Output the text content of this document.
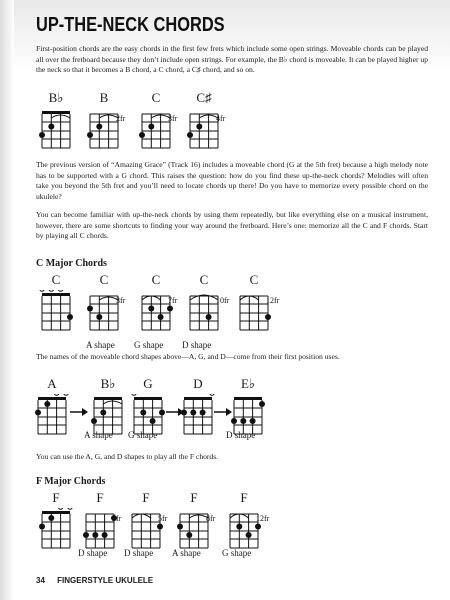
UP-THE-NECK CHORDS

First-position chords are the easy chords in the first few frets which include some open strings. Moveable chords can be played all over the fretboard because they don’t include open strings. For example, the B♭ chord is moveable. It can be played higher up the neck so that it becomes a B chord, a C chord, a C♯ chord, and so on.

B♭	B
2fr
C
3fr
C♯
4fr

The previous version of “Amazing Grace” (Track 16) includes a moveable chord (G at the 5th fret) because a high melody note has to be supported with a G chord. This raises the question: how do you find these up-the-neck chords? Melodies will often take you beyond the 5th fret and you’ll need to locate chords up there! Do you have to memorize every possible chord on the ukulele?

You can become familiar with up-the-neck chords by using them repeatedly, but like everything else on a musical instrument, however, there are some shortcuts to finding your way around the fretboard. Here’s one: memorize all the C and F chords. Start by playing all C chords.

C Major Chords
C	C
3fr
A shape
C
7fr
G shape
C
10fr
D shape
C
12fr

The names of the moveable chord shapes above—A, G, and D—come from their first position uses.

A	B♭
A shape
G	D	E♭
D shape
G shape

You can use the A, G, and D shapes to play all the F chords.

F Major Chords
F	F
3fr
D shape
F
5fr
D shape
F
8fr
A shape
F
12fr
G shape
34 FINGERSTYLE UKULELE
